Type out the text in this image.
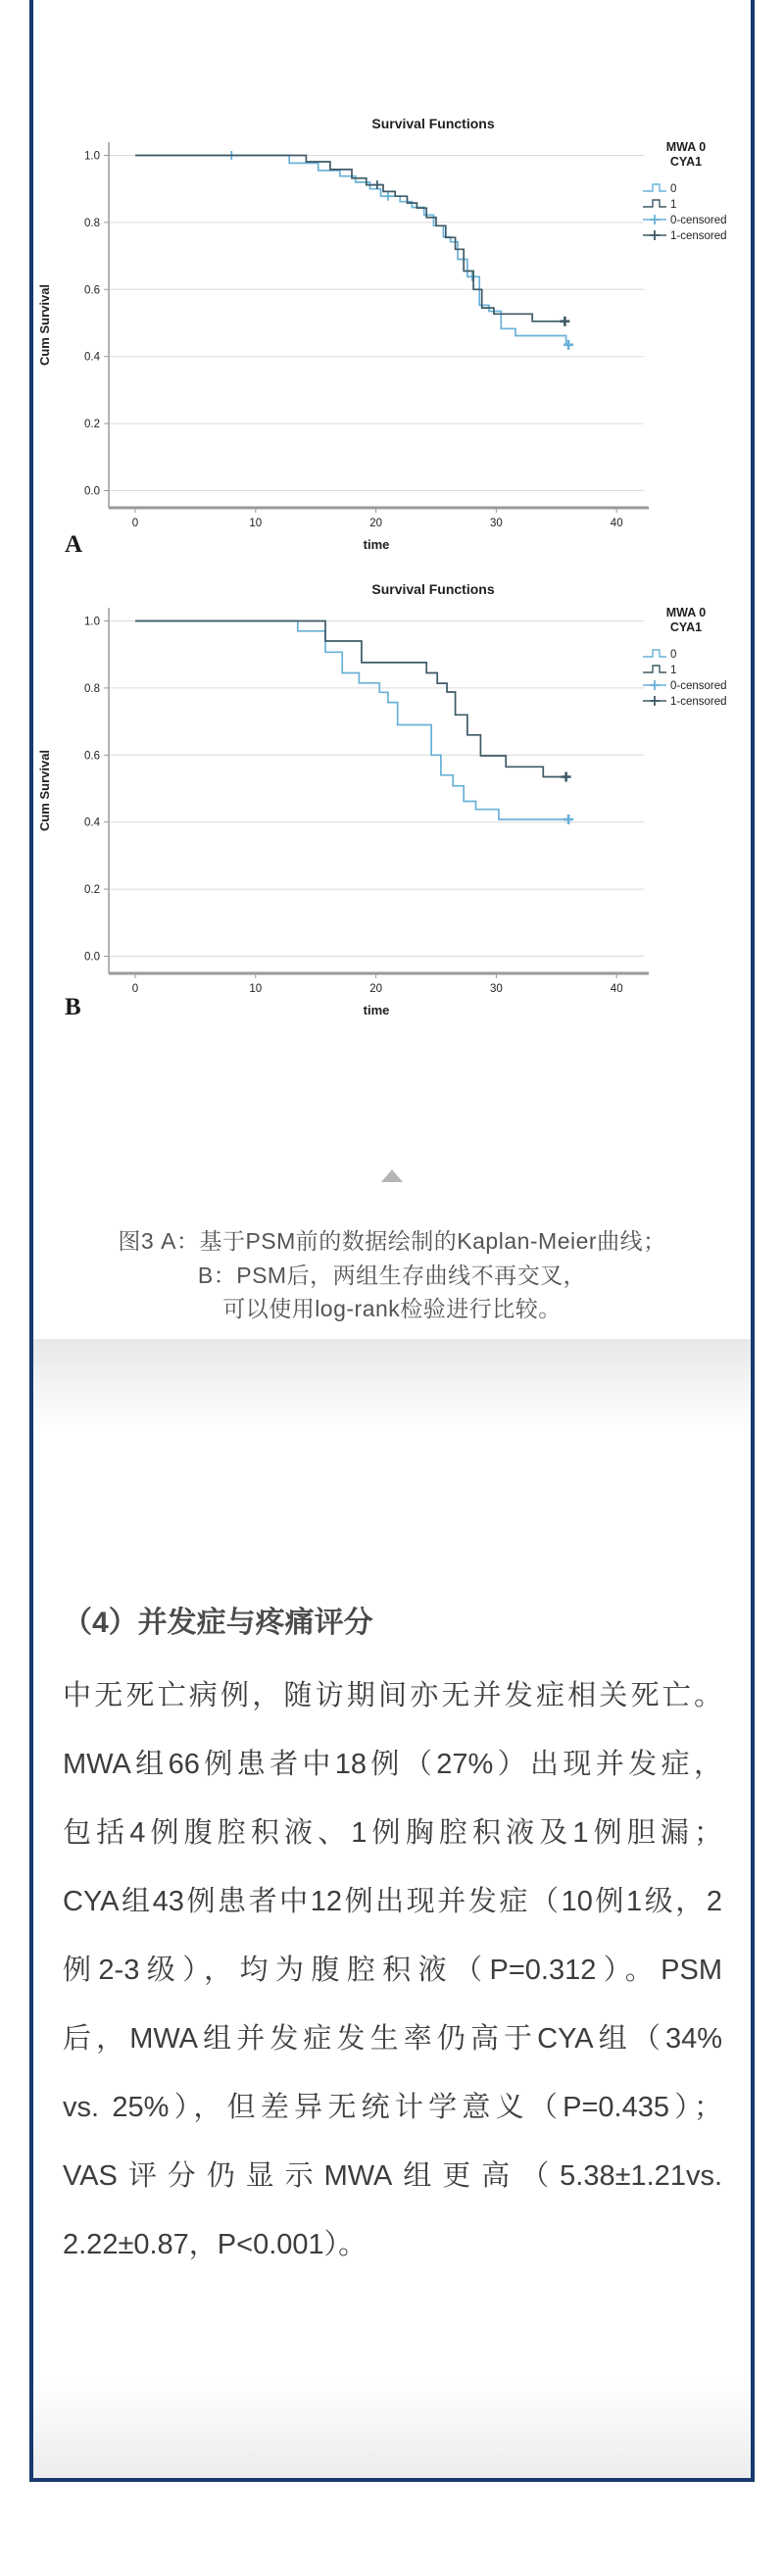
1.0
0.8
0.6
0.4
0.2
0.0
0	10	20	30	40
Survival Functions
time
Cum Survival
MWA 0
CYA1
0
1
0-censored
1-censored
A
1.0
0.8
0.6
0.4
0.2
0.0
0	10	20	30	40
Survival Functions
time
Cum Survival
MWA 0
CYA1
0
1
0-censored
1-censored
B
图3 A：基于PSM前的数据绘制的Kaplan-Meier曲线；
B：PSM后，两组生存曲线不再交叉，
可以使用log-rank检验进行比较。
（4）并发症与疼痛评分
中无死亡病例，随访期间亦无并发症相关死亡。
MWA组66例患者中18例（27%）出现并发症，
包括4例腹腔积液、1例胸腔积液及1例胆漏；
CYA组43例患者中12例出现并发症（10例1级，2
例2-3级），均为腹腔积液（P=0.312）。PSM
后，MWA组并发症发生率仍高于CYA组（34%
vs. 25%），但差异无统计学意义（P=0.435）；
VAS评分仍显示MWA组更高（5.38±1.21vs.
2.22±0.87，P<0.001）。
